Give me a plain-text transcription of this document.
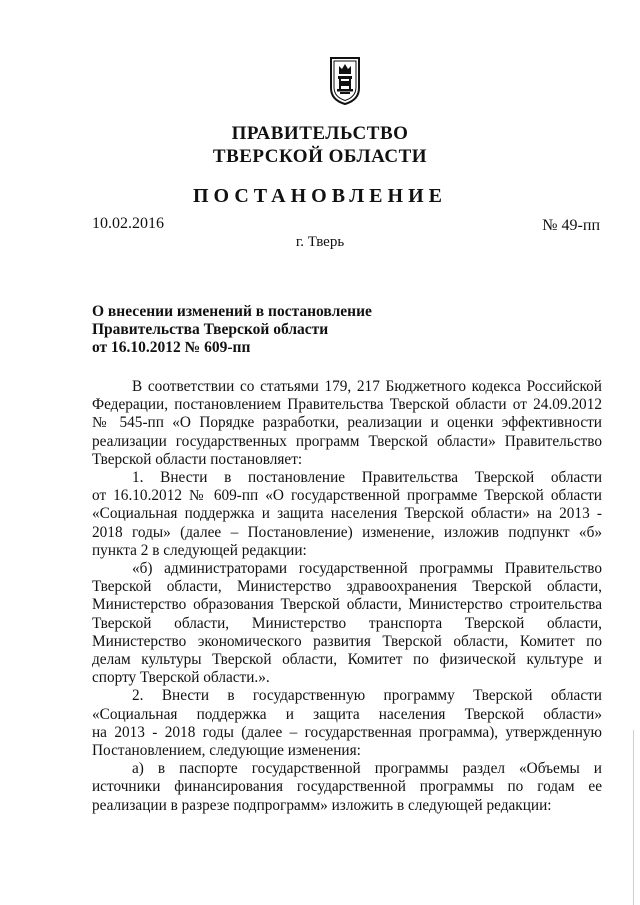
ПРАВИТЕЛЬСТВО
ТВЕРСКОЙ ОБЛАСТИ
ПОСТАНОВЛЕНИЕ
10.02.2016	№ 49-пп
г. Тверь
О внесении изменений в постановление
Правительства Тверской области
от 16.10.2012 № 609-пп
В соответствии со статьями 179, 217 Бюджетного кодекса Российской
Федерации, постановлением Правительства Тверской области от 24.09.2012
№ 545-пп «О Порядке разработки, реализации и оценки эффективности
реализации государственных программ Тверской области» Правительство
Тверской области постановляет:
1. Внести в постановление Правительства Тверской области
от 16.10.2012 № 609-пп «О государственной программе Тверской области
«Социальная поддержка и защита населения Тверской области» на 2013 -
2018 годы» (далее – Постановление) изменение, изложив подпункт «б»
пункта 2 в следующей редакции:
«б) администраторами государственной программы Правительство
Тверской области, Министерство здравоохранения Тверской области,
Министерство образования Тверской области, Министерство строительства
Тверской области, Министерство транспорта Тверской области,
Министерство экономического развития Тверской области, Комитет по
делам культуры Тверской области, Комитет по физической культуре и
спорту Тверской области.».
2. Внести в государственную программу Тверской области
«Социальная поддержка и защита населения Тверской области»
на 2013 - 2018 годы (далее – государственная программа), утвержденную
Постановлением, следующие изменения:
а) в паспорте государственной программы раздел «Объемы и
источники финансирования государственной программы по годам ее
реализации в разрезе подпрограмм» изложить в следующей редакции:
